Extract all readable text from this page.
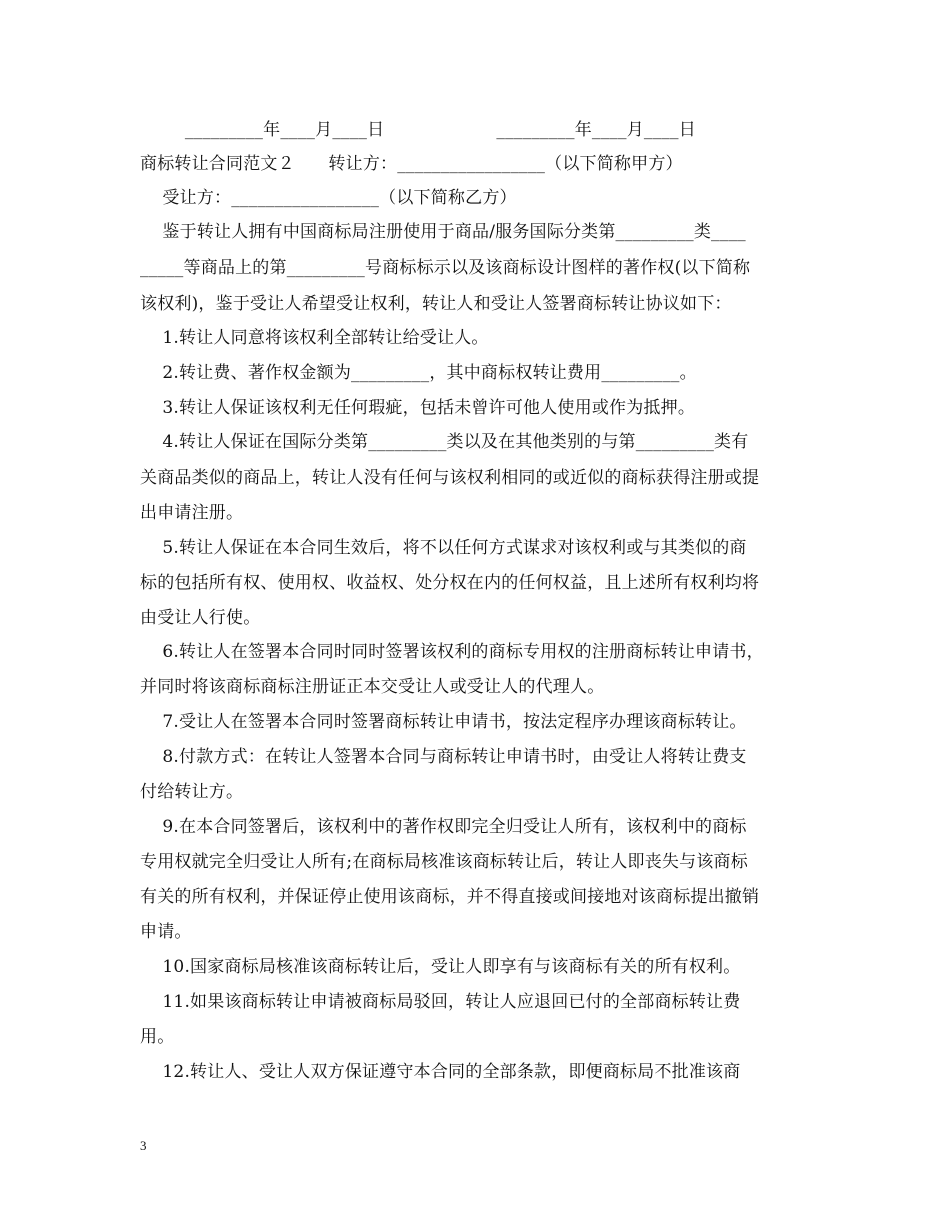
_________年____月____日                    _________年____月____日
商标转让合同范文２      转让方：_________________（以下简称甲方）
受让方：_________________（以下简称乙方）
鉴于转让人拥有中国商标局注册使用于商品/服务国际分类第_________类____
_____等商品上的第_________号商标标示以及该商标设计图样的著作权(以下简称
该权利)，鉴于受让人希望受让权利，转让人和受让人签署商标转让协议如下：
1.转让人同意将该权利全部转让给受让人。
2.转让费、著作权金额为_________，其中商标权转让费用_________。
3.转让人保证该权利无任何瑕疵，包括未曾许可他人使用或作为抵押。
4.转让人保证在国际分类第_________类以及在其他类别的与第_________类有
关商品类似的商品上，转让人没有任何与该权利相同的或近似的商标获得注册或提
出申请注册。
5.转让人保证在本合同生效后，将不以任何方式谋求对该权利或与其类似的商
标的包括所有权、使用权、收益权、处分权在内的任何权益，且上述所有权利均将
由受让人行使。
6.转让人在签署本合同时同时签署该权利的商标专用权的注册商标转让申请书，
并同时将该商标商标注册证正本交受让人或受让人的代理人。
7.受让人在签署本合同时签署商标转让申请书，按法定程序办理该商标转让。
8.付款方式：在转让人签署本合同与商标转让申请书时，由受让人将转让费支
付给转让方。
9.在本合同签署后，该权利中的著作权即完全归受让人所有，该权利中的商标
专用权就完全归受让人所有;在商标局核准该商标转让后，转让人即丧失与该商标
有关的所有权利，并保证停止使用该商标，并不得直接或间接地对该商标提出撤销
申请。
10.国家商标局核准该商标转让后，受让人即享有与该商标有关的所有权利。
11.如果该商标转让申请被商标局驳回，转让人应退回已付的全部商标转让费
用。
12.转让人、受让人双方保证遵守本合同的全部条款，即便商标局不批准该商
3
